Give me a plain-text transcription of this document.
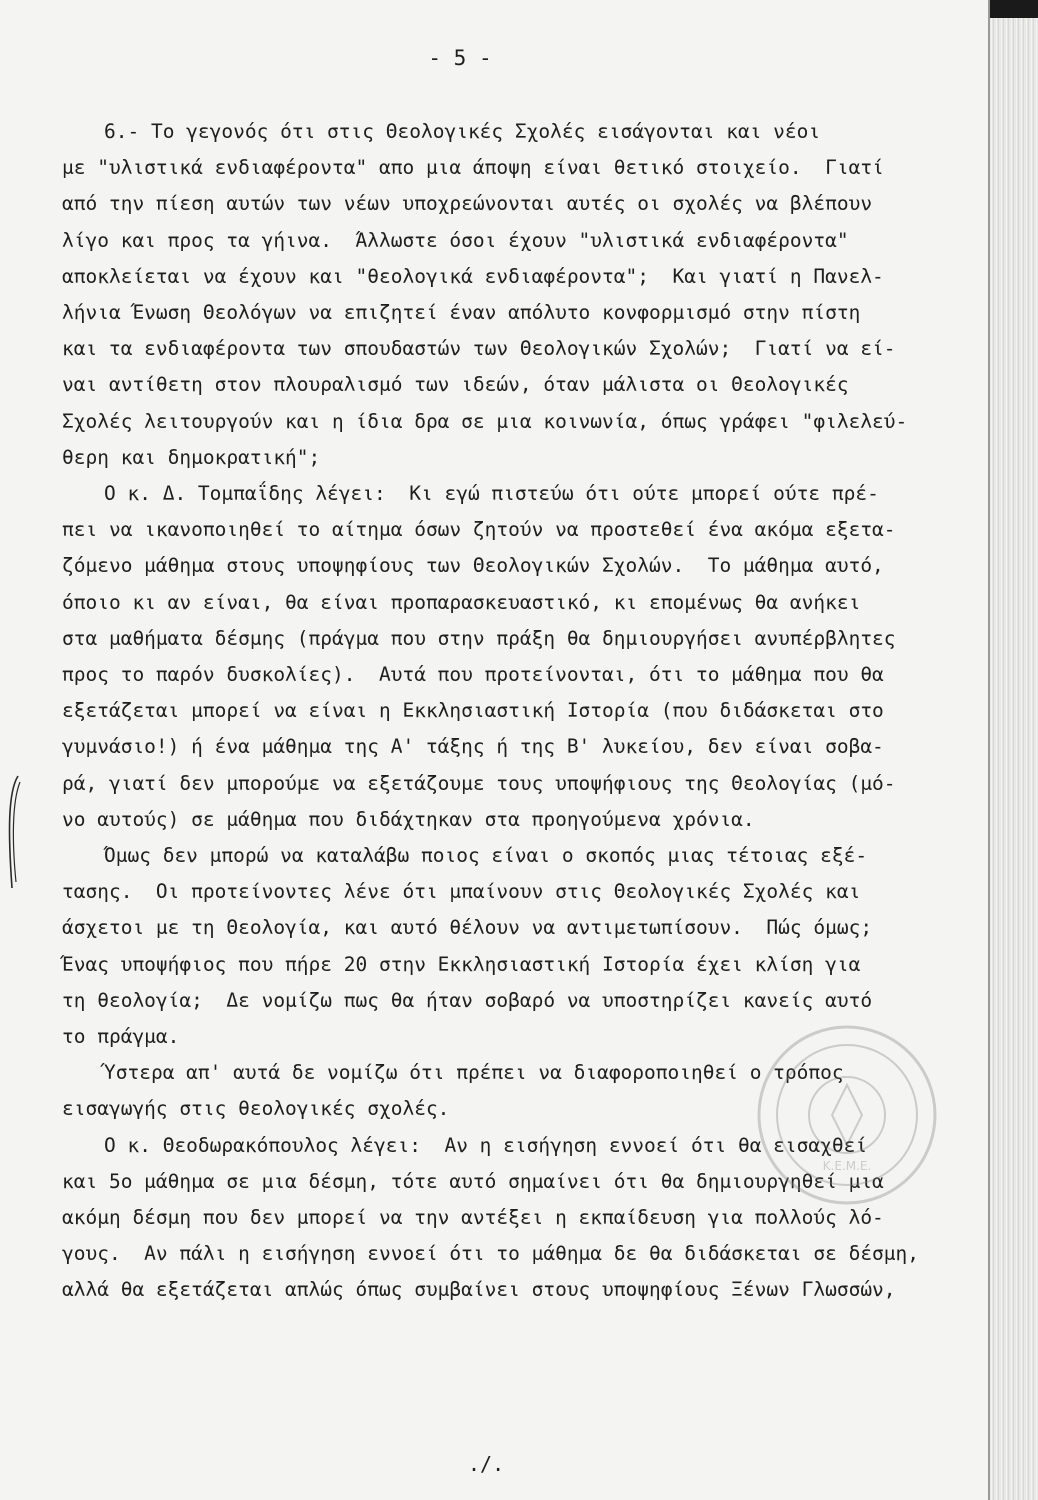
- 5 -
6.- Το γεγονός ότι στις Θεολογικές Σχολές εισάγονται και νέοι
με "υλιστικά ενδιαφέροντα" απο μια άποψη είναι θετικό στοιχείο.  Γιατί
από την πίεση αυτών των νέων υποχρεώνονται αυτές οι σχολές να βλέπουν
λίγο και προς τα γήινα.  Άλλωστε όσοι έχουν "υλιστικά ενδιαφέροντα"
αποκλείεται να έχουν και "θεολογικά ενδιαφέροντα";  Και γιατί η Πανελ-
λήνια Ένωση Θεολόγων να επιζητεί έναν απόλυτο κονφορμισμό στην πίστη
και τα ενδιαφέροντα των σπουδαστών των Θεολογικών Σχολών;  Γιατί να εί-
ναι αντίθετη στον πλουραλισμό των ιδεών, όταν μάλιστα οι Θεολογικές
Σχολές λειτουργούν και η ίδια δρα σε μια κοινωνία, όπως γράφει "φιλελεύ-
θερη και δημοκρατική";
Ο κ. Δ. Τομπαΐδης λέγει:  Κι εγώ πιστεύω ότι ούτε μπορεί ούτε πρέ-
πει να ικανοποιηθεί το αίτημα όσων ζητούν να προστεθεί ένα ακόμα εξετα-
ζόμενο μάθημα στους υποψηφίους των Θεολογικών Σχολών.  Το μάθημα αυτό,
όποιο κι αν είναι, θα είναι προπαρασκευαστικό, κι επομένως θα ανήκει
στα μαθήματα δέσμης (πράγμα που στην πράξη θα δημιουργήσει ανυπέρβλητες
προς το παρόν δυσκολίες).  Αυτά που προτείνονται, ότι το μάθημα που θα
εξετάζεται μπορεί να είναι η Εκκλησιαστική Ιστορία (που διδάσκεται στο
γυμνάσιο!) ή ένα μάθημα της Α' τάξης ή της Β' λυκείου, δεν είναι σοβα-
ρά, γιατί δεν μπορούμε να εξετάζουμε τους υποψήφιους της Θεολογίας (μό-
νο αυτούς) σε μάθημα που διδάχτηκαν στα προηγούμενα χρόνια.
Όμως δεν μπορώ να καταλάβω ποιος είναι ο σκοπός μιας τέτοιας εξέ-
τασης.  Οι προτείνοντες λένε ότι μπαίνουν στις Θεολογικές Σχολές και
άσχετοι με τη Θεολογία, και αυτό θέλουν να αντιμετωπίσουν.  Πώς όμως;
Ένας υποψήφιος που πήρε 20 στην Εκκλησιαστική Ιστορία έχει κλίση για
τη θεολογία;  Δε νομίζω πως θα ήταν σοβαρό να υποστηρίζει κανείς αυτό
το πράγμα.
Ύστερα απ' αυτά δε νομίζω ότι πρέπει να διαφοροποιηθεί ο τρόπος
εισαγωγής στις θεολογικές σχολές.
Ο κ. Θεοδωρακόπουλος λέγει:  Αν η εισήγηση εννοεί ότι θα εισαχθεί
και 5ο μάθημα σε μια δέσμη, τότε αυτό σημαίνει ότι θα δημιουργηθεί μια
ακόμη δέσμη που δεν μπορεί να την αντέξει η εκπαίδευση για πολλούς λό-
γους.  Αν πάλι η εισήγηση εννοεί ότι το μάθημα δε θα διδάσκεται σε δέσμη,
αλλά θα εξετάζεται απλώς όπως συμβαίνει στους υποψηφίους Ξένων Γλωσσών,
Κ.Ε.Μ.Ε.
./.
